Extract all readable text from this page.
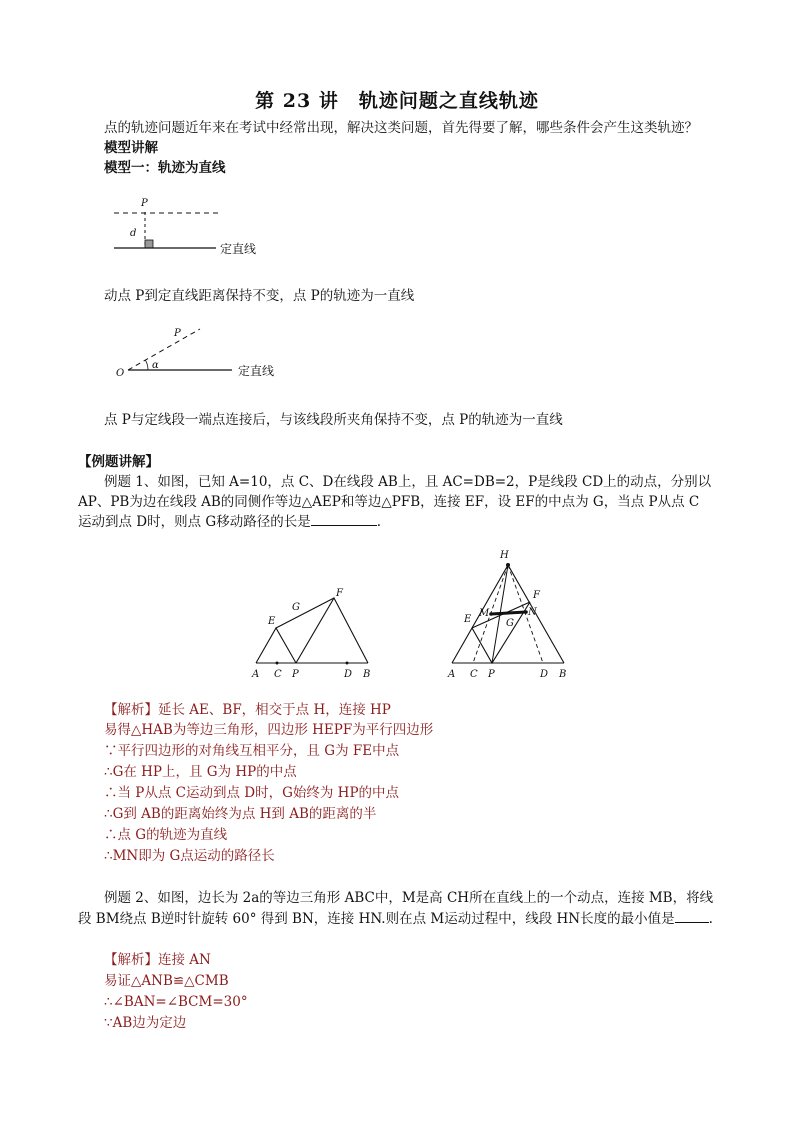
第 23 讲　轨迹问题之直线轨迹
点的轨迹问题近年来在考试中经常出现，解决这类问题，首先得要了解，哪些条件会产生这类轨迹？
模型讲解
模型一：轨迹为直线
P
d
定直线
动点 P到定直线距离保持不变，点 P的轨迹为一直线
O
P
α	定直线
点 P与定线段一端点连接后，与该线段所夹角保持不变，点 P的轨迹为一直线
【例题讲解】
例题 1、如图，已知 A=10，点 C、D在线段 AB上，且 AC=DB=2，P是线段 CD上的动点，分别以
AP、PB为边在线段 AB的同侧作等边△AEP和等边△PFB，连接 EF，设 EF的中点为 G，当点 P从点 C
运动到点 D时，则点 G移动路径的长是	.
A C P	D B
E
F
G
H
F
M	N
E	G
A C P	D B
【解析】延长 AE、BF，相交于点 H，连接 HP
易得△HAB为等边三角形，四边形 HEPF为平行四边形
∵平行四边形的对角线互相平分，且 G为 FE中点
∴G在 HP上，且 G为 HP的中点
∴当 P从点 C运动到点 D时，G始终为 HP的中点
∴G到 AB的距离始终为点 H到 AB的距离的半
∴点 G的轨迹为直线
∴MN即为 G点运动的路径长
例题 2、如图，边长为 2a的等边三角形 ABC中，M是高 CH所在直线上的一个动点，连接 MB，将线
段 BM绕点 B逆时针旋转 60° 得到 BN，连接 HN.则在点 M运动过程中，线段 HN长度的最小值是	.
【解析】连接 AN
易证△ANB≌△CMB
∴∠BAN=∠BCM=30°
∵AB边为定边
